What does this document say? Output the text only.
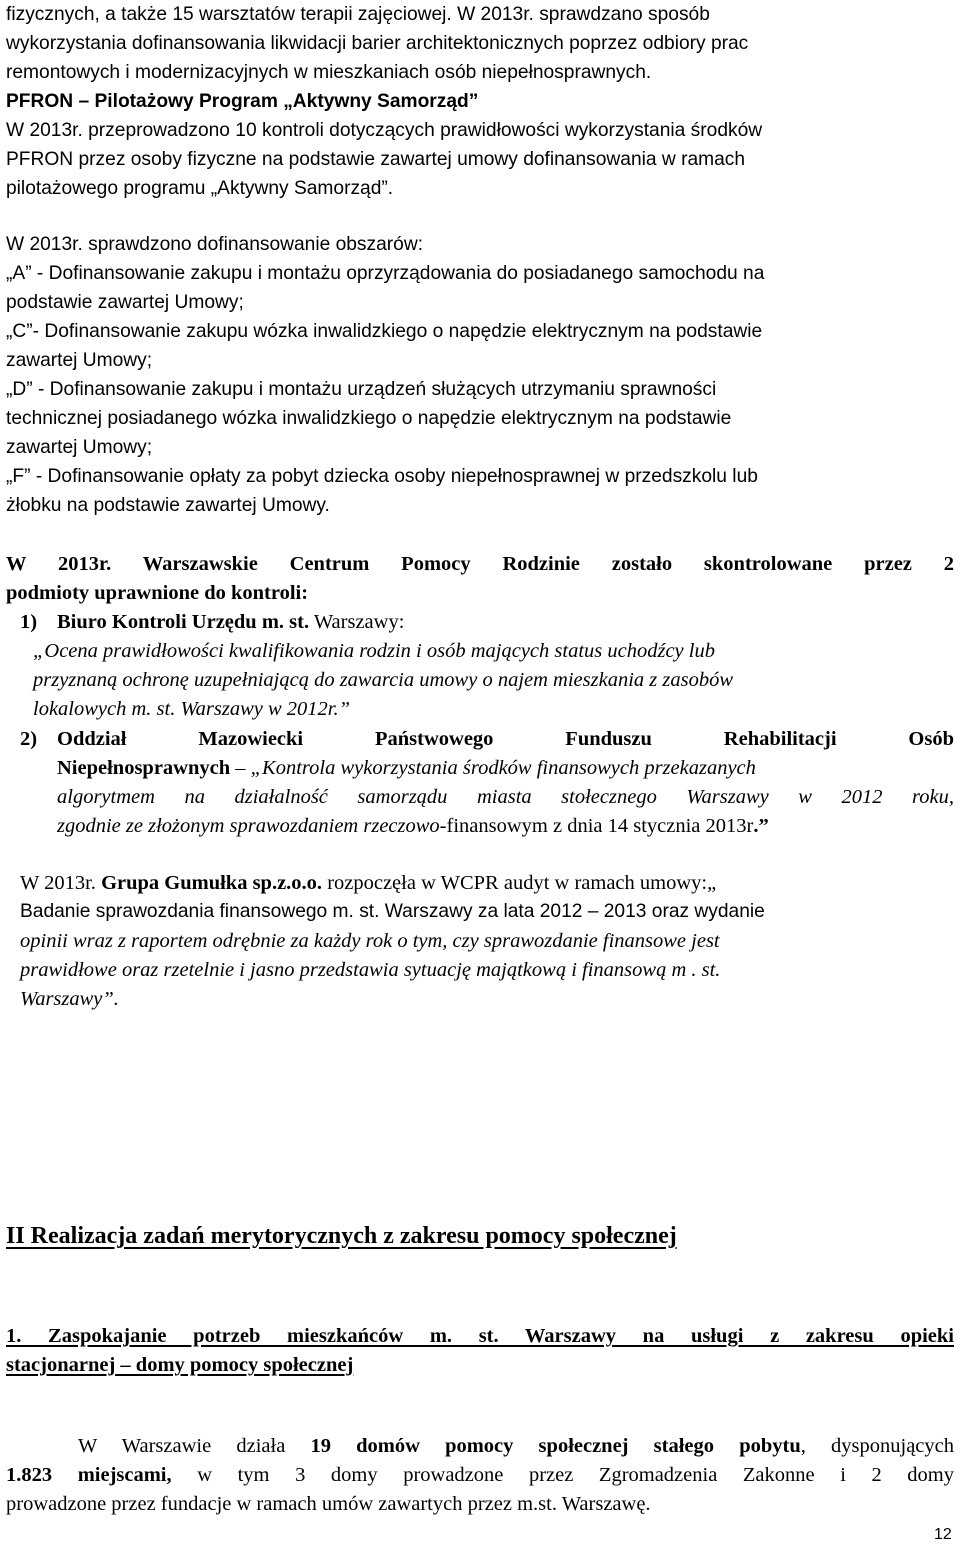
fizycznych, a także 15 warsztatów terapii zajęciowej. W 2013r. sprawdzano sposób
wykorzystania dofinansowania likwidacji barier architektonicznych poprzez odbiory prac
remontowych i modernizacyjnych w mieszkaniach osób niepełnosprawnych.
PFRON – Pilotażowy Program „Aktywny Samorząd”
W 2013r. przeprowadzono 10 kontroli dotyczących prawidłowości wykorzystania środków
PFRON przez osoby fizyczne na podstawie zawartej umowy dofinansowania w ramach
pilotażowego programu „Aktywny Samorząd”.
W 2013r. sprawdzono dofinansowanie obszarów:
„A” - Dofinansowanie zakupu i montażu oprzyrządowania do posiadanego samochodu na
podstawie zawartej Umowy;
„C”- Dofinansowanie zakupu wózka inwalidzkiego o napędzie elektrycznym na podstawie
zawartej Umowy;
„D” - Dofinansowanie zakupu i montażu urządzeń służących utrzymaniu sprawności
technicznej posiadanego wózka inwalidzkiego o napędzie elektrycznym na podstawie
zawartej Umowy;
„F” - Dofinansowanie opłaty za pobyt dziecka osoby niepełnosprawnej w przedszkolu lub
żłobku na podstawie zawartej Umowy.
W 2013r. Warszawskie Centrum Pomocy Rodzinie zostało skontrolowane przez 2
podmioty uprawnione do kontroli:
1) Biuro Kontroli Urzędu m. st. Warszawy:
„Ocena prawidłowości kwalifikowania rodzin i osób mających status uchodźcy lub
przyznaną ochronę uzupełniającą do zawarcia umowy o najem mieszkania z zasobów
lokalowych m. st. Warszawy w 2012r.”
2) Oddział Mazowiecki Państwowego Funduszu Rehabilitacji Osób
Niepełnosprawnych – „Kontrola wykorzystania środków finansowych przekazanych
algorytmem na działalność samorządu miasta stołecznego Warszawy w 2012 roku,
zgodnie ze złożonym sprawozdaniem rzeczowo-finansowym z dnia 14 stycznia 2013r.”
W 2013r. Grupa Gumułka sp.z.o.o. rozpoczęła w WCPR audyt w ramach umowy:„
Badanie sprawozdania finansowego m. st. Warszawy za lata 2012 – 2013 oraz wydanie
opinii wraz z raportem odrębnie za każdy rok o tym, czy sprawozdanie finansowe jest
prawidłowe oraz rzetelnie i jasno przedstawia sytuację majątkową i finansową m . st.
Warszawy”.
II Realizacja zadań merytorycznych z zakresu pomocy społecznej
1. Zaspokajanie potrzeb mieszkańców m. st. Warszawy na usługi z zakresu opieki
stacjonarnej – domy pomocy społecznej
W Warszawie działa 19 domów pomocy społecznej stałego pobytu, dysponujących
1.823 miejscami, w tym 3 domy prowadzone przez Zgromadzenia Zakonne i 2 domy
prowadzone przez fundacje w ramach umów zawartych przez m.st. Warszawę.
12
